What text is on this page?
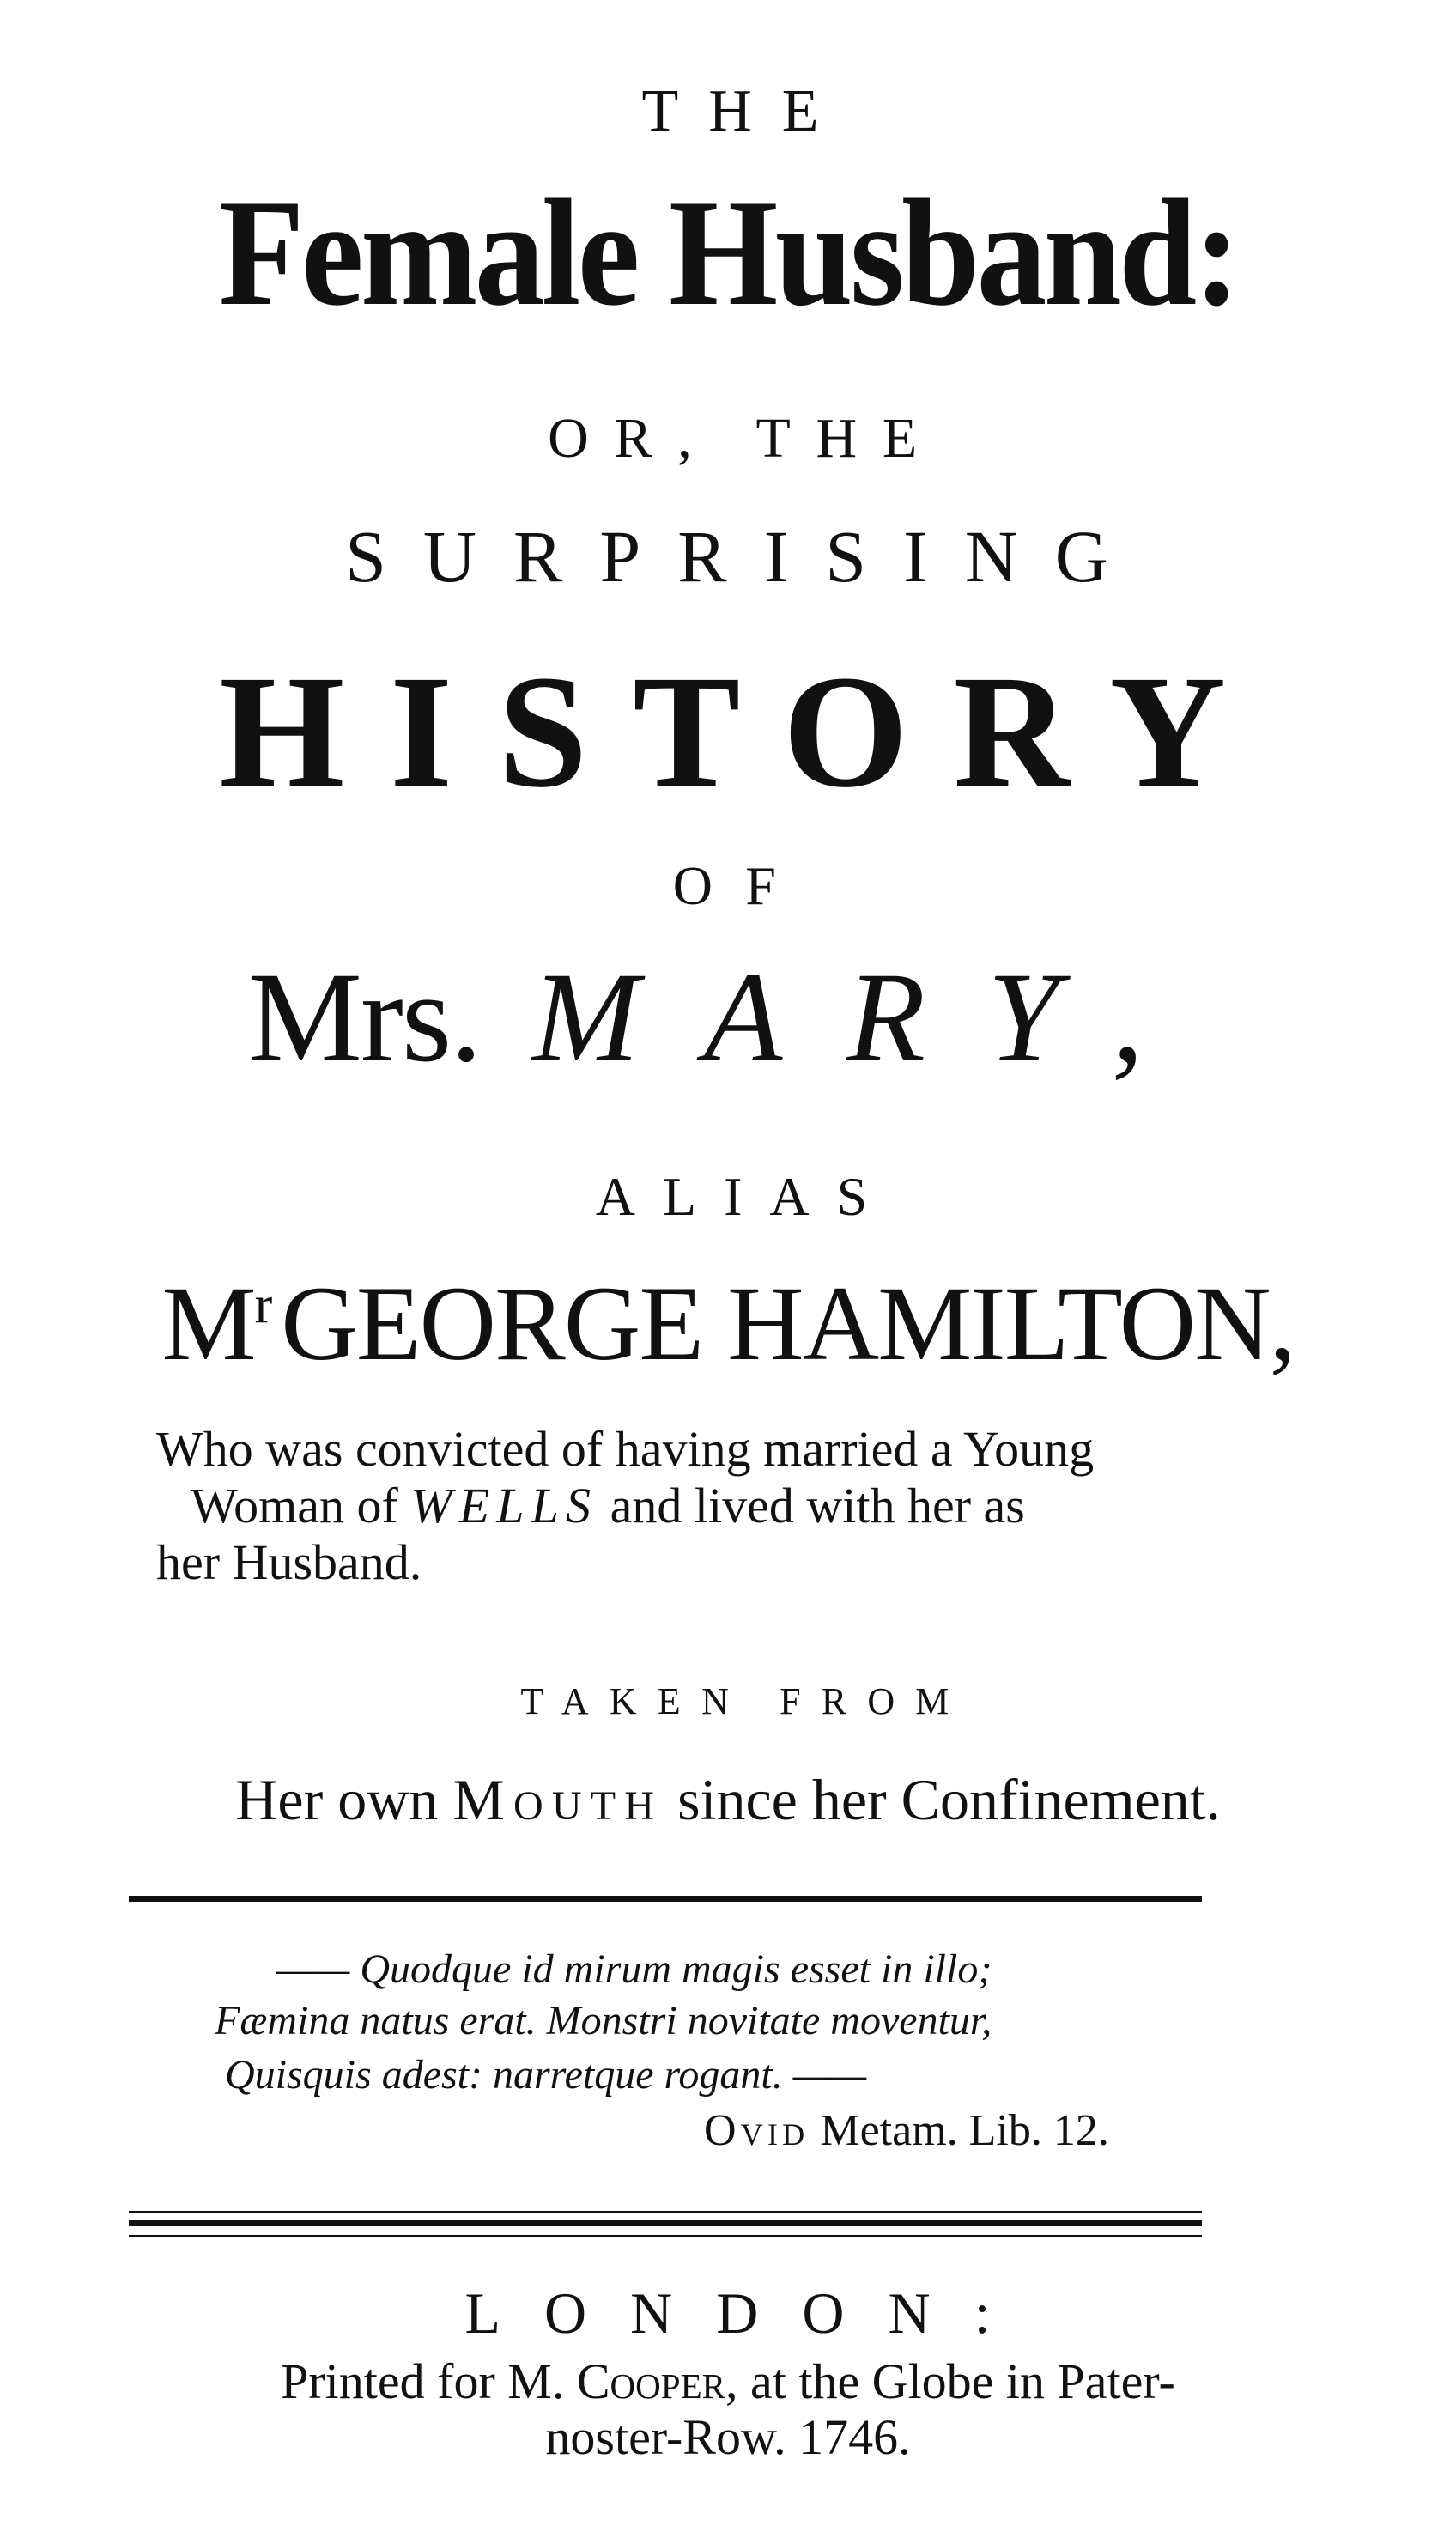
THE
Female Husband:
OR, THE
SURPRISING
HISTORY
OF
Mrs. MARY,
ALIAS
$M^rGEORGE$ HAMILTON,
Who was convicted of having married a Young
Woman of WELLS and lived with her as
her Husband.
TAKEN FROM
Her own Mouth since her Confinement.
—— Quodque id mirum magis esset in illo;
Fæmina natus erat. Monstri novitate moventur,
Quisquis adest: narretque rogant. ——
Ovid Metam. Lib. 12.
LONDON:
Printed for M. Cooper, at the Globe in Pater-
noster-Row. 1746.
